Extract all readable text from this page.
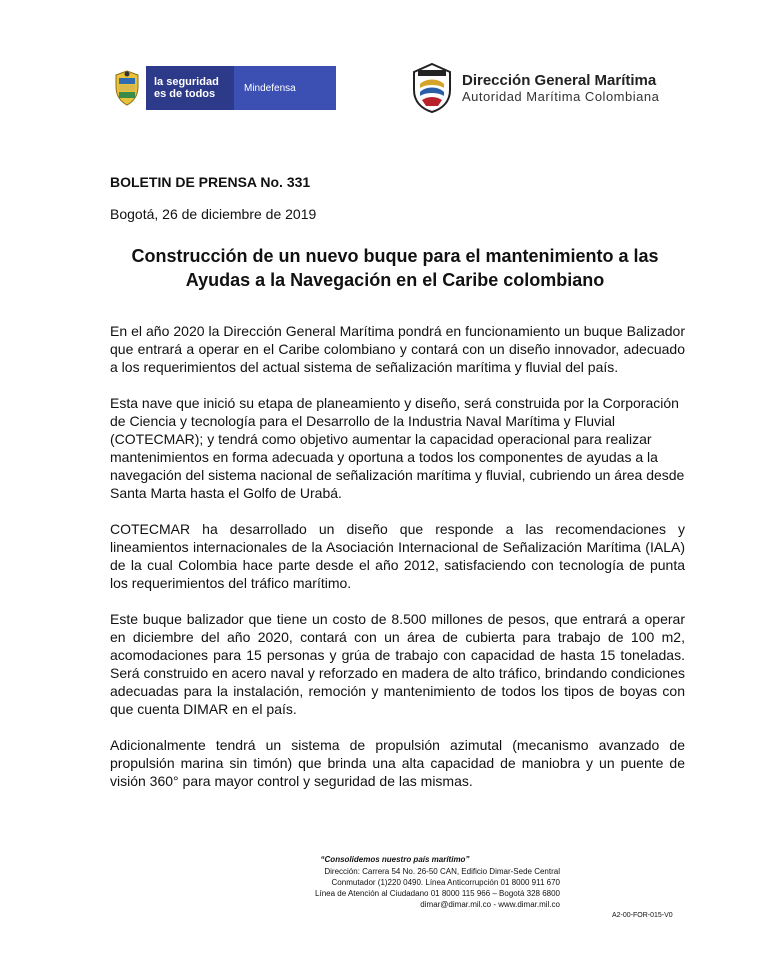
la seguridad
es de todos	Mindefensa	Dirección General Marítima
Autoridad Marítima Colombiana
BOLETIN DE PRENSA No. 331
Bogotá, 26 de diciembre de 2019
Construcción de un nuevo buque para el mantenimiento a las
Ayudas a la Navegación en el Caribe colombiano

En el año 2020 la Dirección General Marítima pondrá en funcionamiento un buque Balizador que entrará a operar en el Caribe colombiano y contará con un diseño innovador, adecuado a los requerimientos del actual sistema de señalización marítima y fluvial del país.

Esta nave que inició su etapa de planeamiento y diseño, será construida por la Corporación de Ciencia y tecnología para el Desarrollo de la Industria Naval Marítima y Fluvial (COTECMAR); y tendrá como objetivo aumentar la capacidad operacional para realizar mantenimientos en forma adecuada y oportuna a todos los componentes de ayudas a la navegación del sistema nacional de señalización marítima y fluvial, cubriendo un área desde Santa Marta hasta el Golfo de Urabá.

COTECMAR ha desarrollado un diseño que responde a las recomendaciones y lineamientos internacionales de la Asociación Internacional de Señalización Marítima (IALA) de la cual Colombia hace parte desde el año 2012, satisfaciendo con tecnología de punta los requerimientos del tráfico marítimo.

Este buque balizador que tiene un costo de 8.500 millones de pesos, que entrará a operar en diciembre del año 2020, contará con un área de cubierta para trabajo de 100 m2, acomodaciones para 15 personas y grúa de trabajo con capacidad de hasta 15 toneladas. Será construido en acero naval y reforzado en madera de alto tráfico, brindando condiciones adecuadas para la instalación, remoción y mantenimiento de todos los tipos de boyas con que cuenta DIMAR en el país.

Adicionalmente tendrá un sistema de propulsión azimutal (mecanismo avanzado de propulsión marina sin timón) que brinda una alta capacidad de maniobra y un puente de visión 360° para mayor control y seguridad de las mismas.

“Consolidemos nuestro país marítimo”
Dirección: Carrera 54 No. 26-50 CAN, Edificio Dimar-Sede Central
Conmutador (1)220 0490. Línea Anticorrupción 01 8000 911 670
Línea de Atención al Ciudadano 01 8000 115 966 – Bogotá 328 6800
dimar@dimar.mil.co - www.dimar.mil.co
A2-00-FOR-015-V0
